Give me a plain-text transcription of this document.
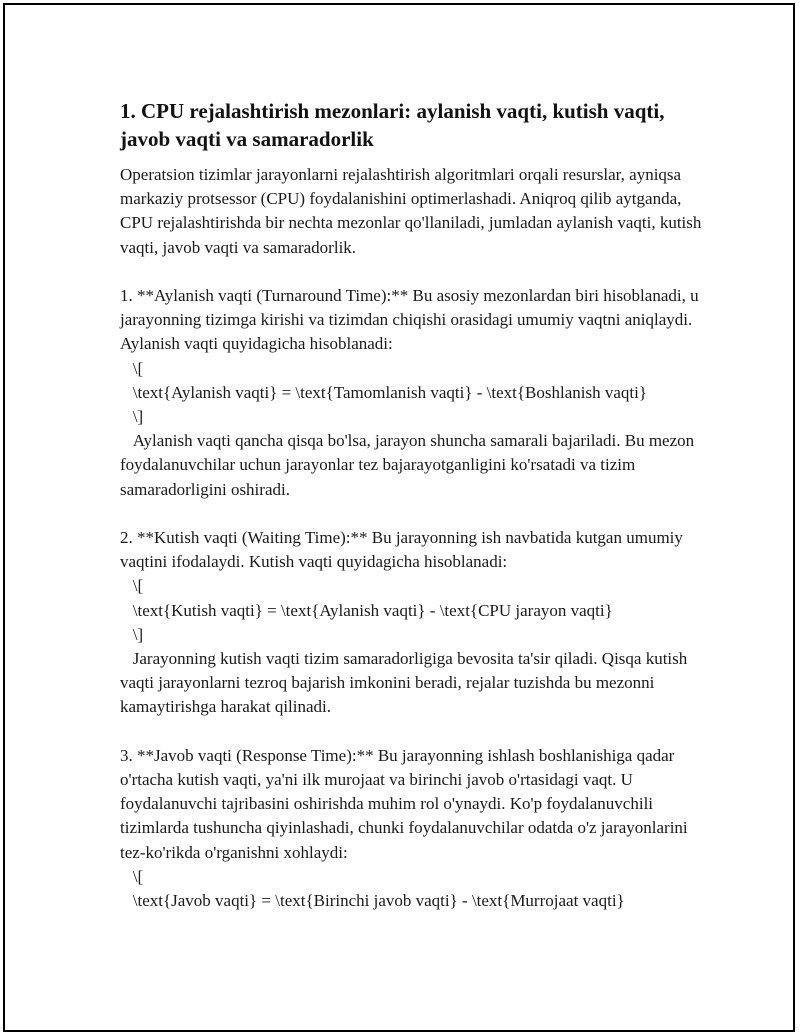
1. CPU rejalashtirish mezonlari: aylanish vaqti, kutish vaqti, javob vaqti va samaradorlik
Operatsion tizimlar jarayonlarni rejalashtirish algoritmlari orqali resurslar, ayniqsa markaziy protsessor (CPU) foydalanishini optimerlashadi. Aniqroq qilib aytganda, CPU rejalashtirishda bir nechta mezonlar qo'llaniladi, jumladan aylanish vaqti, kutish vaqti, javob vaqti va samaradorlik.

1. **Aylanish vaqti (Turnaround Time):** Bu asosiy mezonlardan biri hisoblanadi, u jarayonning tizimga kirishi va tizimdan chiqishi orasidagi umumiy vaqtni aniqlaydi. Aylanish vaqti quyidagicha hisoblanadi:
\[
\text{Aylanish vaqti} = \text{Tamomlanish vaqti} - \text{Boshlanish vaqti}
\]
Aylanish vaqti qancha qisqa bo'lsa, jarayon shuncha samarali bajariladi. Bu mezon foydalanuvchilar uchun jarayonlar tez bajarayotganligini ko'rsatadi va tizim samaradorligini oshiradi.

2. **Kutish vaqti (Waiting Time):** Bu jarayonning ish navbatida kutgan umumiy vaqtini ifodalaydi. Kutish vaqti quyidagicha hisoblanadi:
\[
\text{Kutish vaqti} = \text{Aylanish vaqti} - \text{CPU jarayon vaqti}
\]
Jarayonning kutish vaqti tizim samaradorligiga bevosita ta'sir qiladi. Qisqa kutish vaqti jarayonlarni tezroq bajarish imkonini beradi, rejalar tuzishda bu mezonni kamaytirishga harakat qilinadi.

3. **Javob vaqti (Response Time):** Bu jarayonning ishlash boshlanishiga qadar o'rtacha kutish vaqti, ya'ni ilk murojaat va birinchi javob o'rtasidagi vaqt. U foydalanuvchi tajribasini oshirishda muhim rol o'ynaydi. Ko'p foydalanuvchili tizimlarda tushuncha qiyinlashadi, chunki foydalanuvchilar odatda o'z jarayonlarini tez-ko'rikda o'rganishni xohlaydi:
\[
\text{Javob vaqti} = \text{Birinchi javob vaqti} - \text{Murrojaat vaqti}
